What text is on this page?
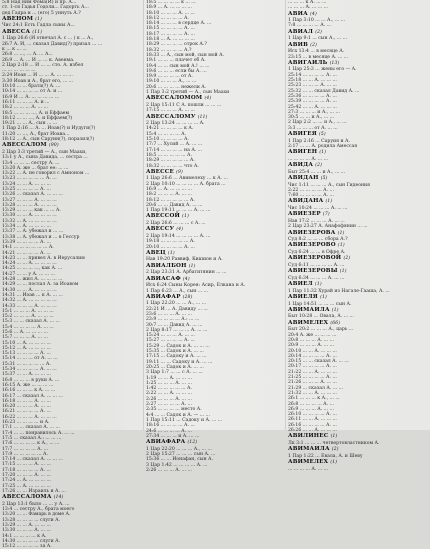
5:8 Над ним Фома(И) и пр. А...
ст. 1-ся Гадья Годоли... Гадорть А...
дед Гадра и ... (его) 5 уннуть А.?
АВЕНОМ (1)
Чис 24:1 Есть Гадла сыны А...
АВЕССА (11)
1 Цар 26:6 (И отвечал А. с ... ) к ... А.,
26:7 А. И, ... сказал Давид(?) призал ... ...
к ... к ... ...
26:8 ... ..., ... А. ... А...
26:9 ... А. ... И ... ... к. Авенма.
2 Цар 2:18 ... И ... ... сто. А. избел
... ... ... ... ... ...
2:24 Иоав ... И ... ... А. ... ... ...
3:30 Иоав и А., брат его, ... ...
10:10 ... ... брата(?) А. ...
10:14 ... ... ... ... от А. и ...
16:9 И ... А. ... ... ... ... ...
16:11 ... ... ... А. и ...
18:2 ... ... ... А. ... ...
18:5 ... ... ... ..., А. и Еффаем
18:12 ... ... ..., А. и Еффаем(?)
19:21 ... ... А., сын ... ...
1 Пар 2:16 ... А. ... Иоав(?) и Иудуги(?)
11:20 ... ..., А., брат Иоава...
18:12 ... А., сын Саруин(?), поразил(?)
АВЕССАЛОМ (90)
2 Цар 3:3 третий — А., сын Маахи,
13:1 у А., сына Давида, ... сестра ...
13:4 ... ... ... сестру А. ...
13:20 А. же ... брат ее: ... ...
13:22 ... А. не говорил с Амноном ...
13:23 ... ... ... ... ... А. ...
13:24 ... ... А. ... ... ...
13:25 ... ... ... ... А. ...
13:26 ... сказал А. ... ... ...
13:27 ... ... ... А. ... ... ...
13:28 ... ... ... А. ... ... ...
13:29 ... ... ... как ... ... А.
13:30 ... ... А. ... ... ... ...
13:32 ... А. ... ... ... ... ...
13:34 ... А. ... ... ... ...
13:37 ... А. убежал и ... ...
13:38 ... А. убежал и ... в Гессур
13:39 ... ... ... ... А. ...
14:1 ... ... ... ... ... ... А.
14:21 ... ... ... ... А. ...
14:23 ... ... привел А. в Иерусалим
14:24 ... ... А. ... ... ... ...
14:25 ... ... ... ..., как А. ...
14:27 ... ... у А. ... ... ...
14:28 ... жил А. ... ... ... ...
14:29 ... ... послал А. за Иоавом
14:30 ... ... А. ... ... ... ...
14:31 ... Иоав ... к А. ... ...
14:32 ... А. ... ... ... ... ...
14:33 ... ... ... А. ... ... ...
15:1 ... ... ... А. ... ... ...
15:2 ... ... ... А. ... ... ...
15:3 ... ... сказал А. ... ...
15:4 ... ... ... ... А. ... ...
15:6 ... А. ... ... ... ...
15:7 ... ... ... А. ... ...
15:10 ... А. ... ... ... ...
15:12 ... А. ... ... ... ...
15:13 ... ... ... ... А. ...
15:14 ... ... ... от А. ... ...
15:31 ... ... ... ... ... А.
15:34 ... ... ... ... А. ... ...
15:37 ... ... А. ... ... ...
16:8 ... ... ... в руки А. ...
16:15 А. же ... ... ... ...
16:16 ... ... ... к А. ... ...
16:17 ... сказал А. ... ... ...
16:18 ... ... ... А. ... ...
16:20 ... ... ... А. ... ...
16:21 ... ... ... ... А. ...
16:22 ... ... ... А. ... ... ...
16:23 ... ... ... ... и А.
17:1 ... ... сказал А. ... ...
17:4 ... ... понравилось А. ... ...
17:5 ... сказал А.: ... ... ...
17:6 ... ... ... ... к А., ... ...
17:7 ... ... ... ... А. ...
17:9 ... ... ... ... ... А.
17:14 ... сказал А. ... ... ...
17:15 ... ... ... А. ... ...
17:18 ... ... ... ... А. ...
17:20 ... ... ... А. ... ...
17:24 ... А. ... ... ... ...
17:25 ... А. ... ... ... ...
17:26 ... ... Израиль и А. ...
АВЕССАЛОМА (14)
2 Цар 13:1 было ... ... у А. ...
13:4 ... сестру А., брата моего
13:20 ... ... Фамарь в доме А.
13:28 ... ... ... ... слуги А.
13:29 ... ... А. ... ... ...
13:30 ... ... ... А. ... ...
14:1 ... ... ... ... к А.
14:30 ... ... ... ... слуги А.
15:12 ... ... ... ... за А.
18:5 ... ... ... ... к ... ...
18:9 ... А. ... ... ... ...
18:10 ... ... ... А. ... ...
18:12 ... ... ... ... А.
18:14 ... ... ... в сердце А. ...
18:15 ... ... ... ... А. ...
18:17 ... ... ... ... А. ...
18:18 ... А. ... ... ... ...
18:29 ... ... ... ... отрок А.?
18:32 ... ... ... ... А.?
18:33 ... А., сын мой, сын мой А.
19:1 ... ... ... плачет об А.
19:4 ... ... сын мой А.! ... ...
19:6 ... ... ... если бы А. ...
19:9 ... ... ... ... от А.
19:10 ... ... ... А., ... ...
20:6 ... ... ... ... нежели А.
1 Пар 3:2 третий — А., сын Маахи
АВЕССАЛОМОМ (4)
2 Цар 15:11 С А. пошли ... ... ...
17:15 ... ... ... А. ... ...
АВЕССАЛОМУ (11)
2 Цар 13:24 ... ... ... ... А.
14:21 ... ... ... ... к А.
15:4 ... ... ... ... А.
15:10 ... ... ... ... А.
17:7 ... Хусий ... А. ... ...
17:14 ... ... ... ... на А. ...
18:5 ... ... ... ... ... А.
18:29 ... ... ... ... ... А.
18:32 ... ... ... ... что А.
АВЕССЕ (9)
1 Цар 26:6 ... Авимелеху ... к А. ...
2 Цар 10:10 ... ... ... ... А. брата ...
16:9 ... А. ... ... ... ...
18:2 ... ... ... А. ... ...
18:12 ... ... ... ... ... А.
20:6 ... ... Давид А. ... ...
1 Пар 19:11 ... ... ... А. ... ...
АВЕССОЙ (1)
2 Цар 26:6 ... ... ... с А. ...
АВЕССУ (4)
2 Цар 19:14 ... ... ... ... А. ...
19:18 ... ... ... ... ... А.
20:10 ... ... ... ... А. ...
АВЕЦ (1)
Нав 19:20 Раввиф, Кишион и А.
АВИАЛБОН (1)
2 Цар 23:31 А. Арбатитянин ... ...
АВИАСАФ (4)
Исх 6:24 Сыны Корея: Асир, Елкана и А.
1 Пар 6:23 ... А., сын ... ...
АВИАФАР (28)
1 Цар 22:20 ... ... А., ... ...
22:21 И ... А. Давиду ... ...
23:6 ... ... ... А. ... ...
23:9 ... ... ... ... А.: ... ...
30:7 ... ... Давид А. ... ...
2 Цар 8:17 ... ... ... А. ... ...
15:24 ... ... ... А. ... ...
15:27 ... ... ... ... А. ...
15:29 ... Садок и А. ... ... ...
15:35 ... Садок и А. ... ...
17:15 ... Садоку и А. ... ...
19:11 ... ... Садоку и А. ... ...
20:25 ... Садок и А. ... ...
3 Цар 1:7 ... ... с А. ... ...
1:19 ... ... А. ... ... ...
1:25 ... ... ... А. ... ...
1:42 ... ... ... ... ... А.
2:22 ... ... А. ... ... ...
2:26 ... ... ... А. ... ...
2:27 ... ... ... ... А. ...
2:35 ... ... ... ... место А.
4:4 ... ... Садок и А. — ... ...
1 Пар 15:11 ... Садоку и А. ... ...
18:16 ... ... ... ... А. ...
24:6 ... ... ... ... А. ...
27:34 ... ... ... и А. ... ...
АВИАФАРА (12)
1 Цар 22:20 ... ... ... А., ... ...
2 Цар 15:27 ... ... ... сын А. ...
15:36 ... ... Ионафан, сын А.
3 Цар 1:42 ... ... ... ... А. ...
2:26 ... ... ... А. ... ...
... ... ... к А. ... ...
... ... ... А. ... ... ...
АВИА (4)
1 Пар 3:10 ... ... А., ... ...
7:8 ... ... ... ... А. ...
АВИАЛ (2)
1 Цар 9:1 ... сын А., ... ...
АВИВ (2)
Исх 13:4 ... в месяце А.
23:15 ... в месяце А. ... ...
АВИГАИЛЬ (13)
1 Цар 25:3 ... жены его — А.
25:14 ... ... ... ... А. ...
25:18 ... ... А. ... ... ...
25:23 ... ... ... А. ... ...
25:32 ... ... сказал Давид А. ...
25:36 ... ... ... ... А. ...
25:39 ... ... ... ... А. ...
25:42 ... ... А. ... ... ...
27:3 ... ... ... и А., ... ...
30:5 ... ... и А., ... ...
2 Цар 2:2 ... ... и А., ... ...
3:3 ... ... ... от А. ... ...
АВИГЕЯ (5)
1 Пар 2:16 ... Саруия и А.
2:17 ... ... А. родила Амессая
АВИГЕН (1)
... ... ... ... А. ... ...
АВИДА (2)
Быт 25:4 ... ... и А., ... ...
АВИДАН (5)
Чис 1:11 ... ... ... А., сын Гидеония
2:22 ... ... ... ... А. ...
7:60 ... ... ... ... А. ...
АВИДАНА (1)
Чис 10:24 ... ... ... А. ... ...
АВИЕЗЕР (7)
Нав 17:2 ... ... ... А. ... ...
2 Цар 23:27 А. Анафофянин ... ...
АВИЕЗЕРОВА (1)
Суд 8:2 ... ... ... сбора А.?
АВИЕЗЕРОВО (1)
Суд 6:24 ... ... в Офре А.
АВИЕЗЕРОВОЙ (2)
Суд 6:11 ... ... ... ... А. ...
АВИЕЗЕРОВЫ (1)
Суд 6:34 ... ... ... А. ... ...
АВИЕЛ (1)
1 Пар 11:32 Хурай из Нагале-Гааша, А. ...
АВИЕЛЯ (1)
1 Цар 14:51 ... ... ... сын А.
АВИМАИЛА (1)
Быт 10:28 ... Овала, А. ... ...
АВИМЕЛЕХ (66)
Быт 20:2 ... ... ... А., царь ...
20:4 А. же ... ... ... ...
20:8 ... ... ... А. ... ...
20:9 ... ... ... А. ... ...
20:10 ... ... А. ... ... ...
20:14 ... ... ... ... А. ...
20:15 ... ... сказал А. ... ...
20:17 ... ... ... ... А. ...
21:22 ... ... А. ... ... ...
21:25 ... ... ... ... А. ...
21:26 ... ... ... А. ... ...
21:29 ... сказал А. ... ...
21:32 ... ... А. ... ... ...
26:1 ... ... ... к А., ... ...
26:8 ... ... ... ... А. ...
26:9 ... ... ... А. ... ...
26:10 ... ... ... ... А. ...
26:11 ... ... А. ... ... ...
26:16 ... ... ... ... А. ...
26:26 ... ... А. ... ... ...
АВИЛИНЕС (1)
Лк 3:1 ... ... ... четвертовластником А.
АВИМАИЛА (2)
1 Пар 1:22 ... Евала, А. и Шеву
АВИМЕЛЕХ (1)
... ... ... ... А. ... ...
